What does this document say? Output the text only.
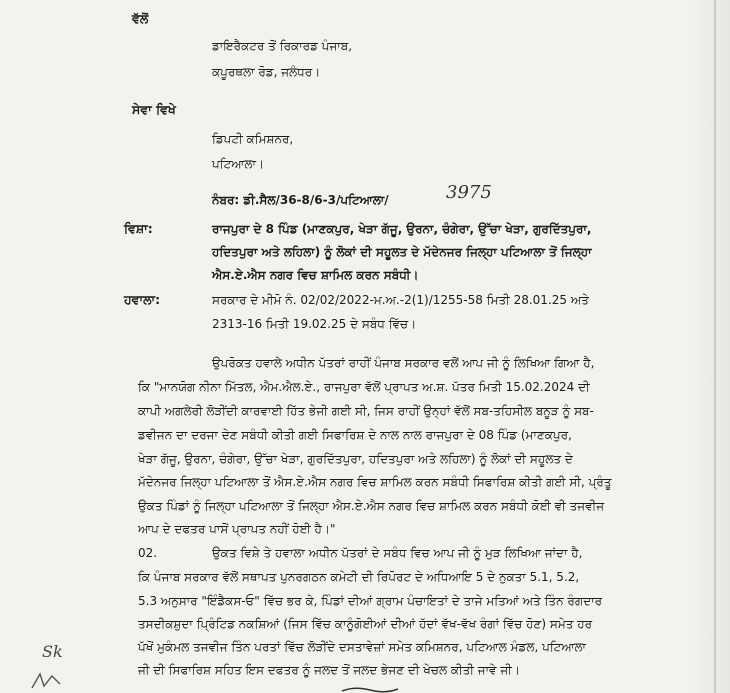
ਵੱਲੋਂ
ਡਾਇਰੈਕਟਰ ਤੋਂ ਰਿਕਾਰਡ ਪੰਜਾਬ,
ਕਪੂਰਥਲਾ ਰੋਡ, ਜਲੰਧਰ।
ਸੇਵਾ ਵਿਖੇ
ਡਿਪਟੀ ਕਮਿਸ਼ਨਰ,
ਪਟਿਆਲਾ।
ਨੰਬਰ: ਡੀ.ਸੈਲ/36-8/6-3/ਪਟਿਆਲਾ/	3975
ਵਿਸ਼ਾ:	ਰਾਜਪੁਰਾ ਦੇ 8 ਪਿੰਡ (ਮਾਣਕਪੁਰ, ਖੇੜਾ ਗੱਜੂ, ਉਰਨਾ, ਚੰਗੇਰਾ, ਉੱਚਾ ਖੇੜਾ, ਗੁਰਦਿੱਤਪੁਰਾ,
ਹਦਿਤਪੁਰਾ ਅਤੇ ਲਹਿਲਾ) ਨੂੰ ਲੋਕਾਂ ਦੀ ਸਹੂਲਤ ਦੇ ਮੱਦੇਨਜਰ ਜਿਲ੍ਹਾ ਪਟਿਆਲਾ ਤੋਂ ਜਿਲ੍ਹਾ
ਐਸ.ਏ.ਐਸ ਨਗਰ ਵਿਚ ਸ਼ਾਮਿਲ ਕਰਨ ਸਬੰਧੀ।
ਹਵਾਲਾ:	ਸਰਕਾਰ ਦੇ ਮੀਮੋ ਨੰ. 02/02/2022-ਮ.ਅ.-2(1)/1255-58 ਮਿਤੀ 28.01.25 ਅਤੇ
2313-16 ਮਿਤੀ 19.02.25 ਦੇ ਸਬੰਧ ਵਿੱਚ।
ਉਪਰੋਕਤ ਹਵਾਲੇ ਅਧੀਨ ਪੱਤਰਾਂ ਰਾਹੀਂ ਪੰਜਾਬ ਸਰਕਾਰ ਵਲੋਂ ਆਪ ਜੀ ਨੂੰ ਲਿਖਿਆ ਗਿਆ ਹੈ,
ਕਿ "ਮਾਨਯੋਗ ਨੀਨਾ ਮਿੱਤਲ, ਐਮ.ਐਲ.ਏ., ਰਾਜਪੁਰਾ ਵੱਲੋਂ ਪ੍ਰਾਪਤ ਅ.ਸ਼. ਪੱਤਰ ਮਿਤੀ 15.02.2024 ਦੀ
ਕਾਪੀ ਅਗਲੇਰੀ ਲੋੜੀਂਦੀ ਕਾਰਵਾਈ ਹਿੱਤ ਭੇਜੀ ਗਈ ਸੀ, ਜਿਸ ਰਾਹੀਂ ਉਨ੍ਹਾਂ ਵੱਲੋਂ ਸਬ-ਤਹਿਸੀਲ ਬਨੂੜ ਨੂੰ ਸਬ-
ਡਵੀਜਨ ਦਾ ਦਰਜਾ ਦੇਣ ਸਬੰਧੀ ਕੀਤੀ ਗਈ ਸਿਫਾਰਿਸ਼ ਦੇ ਨਾਲ ਨਾਲ ਰਾਜਪੁਰਾ ਦੇ 08 ਪਿੰਡ (ਮਾਣਕਪੁਰ,
ਖੇੜਾ ਗੱਜੂ, ਉਰਨਾ, ਚੰਗੇਰਾ, ਉੱਚਾ ਖੇੜਾ, ਗੁਰਦਿੱਤਪੁਰਾ, ਹਦਿਤਪੁਰਾ ਅਤੇ ਲਹਿਲਾ) ਨੂੰ ਲੋਕਾਂ ਦੀ ਸਹੂਲਤ ਦੇ
ਮੱਦੇਨਜਰ ਜਿਲ੍ਹਾ ਪਟਿਆਲਾ ਤੋਂ ਐਸ.ਏ.ਐਸ ਨਗਰ ਵਿਚ ਸ਼ਾਮਿਲ ਕਰਨ ਸਬੰਧੀ ਸਿਫਾਰਿਸ਼ ਕੀਤੀ ਗਈ ਸੀ, ਪ੍ਰੰਤੂ
ਉਕਤ ਪਿੰਡਾਂ ਨੂੰ ਜਿਲ੍ਹਾ ਪਟਿਆਲਾ ਤੋਂ ਜਿਲ੍ਹਾ ਐਸ.ਏ.ਐਸ ਨਗਰ ਵਿਚ ਸ਼ਾਮਿਲ ਕਰਨ ਸਬੰਧੀ ਕੋਈ ਵੀ ਤਜਵੀਜ
ਆਪ ਦੇ ਦਫਤਰ ਪਾਸੋਂ ਪ੍ਰਾਪਤ ਨਹੀਂ ਹੋਈ ਹੈ।"
02.	ਉਕਤ ਵਿਸ਼ੇ ਤੇ ਹਵਾਲਾ ਅਧੀਨ ਪੱਤਰਾਂ ਦੇ ਸਬੰਧ ਵਿਚ ਆਪ ਜੀ ਨੂੰ ਮੁੜ ਲਿਖਿਆ ਜਾਂਦਾ ਹੈ,
ਕਿ ਪੰਜਾਬ ਸਰਕਾਰ ਵੱਲੋਂ ਸਥਾਪਤ ਪੁਨਰਗਠਨ ਕਮੇਟੀ ਦੀ ਰਿਪੋਰਟ ਦੇ ਅਧਿਆਇ 5 ਦੇ ਨੁਕਤਾ 5.1, 5.2,
5.3 ਅਨੁਸਾਰ "ਇੰਡੈਕਸ-ਓ" ਵਿੱਚ ਭਰ ਕੇ, ਪਿੰਡਾਂ ਦੀਆਂ ਗ੍ਰਾਮ ਪੰਚਾਇਤਾਂ ਦੇ ਤਾਜੇ ਮਤਿਆਂ ਅਤੇ ਤਿੰਨ ਰੰਗਦਾਰ
ਤਸਦੀਕਸ਼ੁਦਾ ਪ੍ਰਿੰਟਿਡ ਨਕਸ਼ਿਆਂ (ਜਿਸ ਵਿੱਚ ਕਾਨੂੰਗੋਈਆਂ ਦੀਆਂ ਹੱਦਾਂ ਵੱਖ-ਵੱਖ ਰੰਗਾਂ ਵਿੱਚ ਹੋਣ) ਸਮੇਤ ਹਰ
ਪੱਖੋਂ ਮੁਕੰਮਲ ਤਜਵੀਜ ਤਿੰਨ ਪਰਤਾਂ ਵਿੱਚ ਲੋੜੀਂਦੇ ਦਸਤਾਵੇਜ਼ਾਂ ਸਮੇਤ ਕਮਿਸ਼ਨਰ, ਪਟਿਆਲ ਮੰਡਲ, ਪਟਿਆਲਾ
ਜੀ ਦੀ ਸਿਫਾਰਿਸ਼ ਸਹਿਤ ਇਸ ਦਫਤਰ ਨੂੰ ਜਲਦ ਤੋਂ ਜਲਦ ਭੇਜਣ ਦੀ ਖੇਚਲ ਕੀਤੀ ਜਾਵੇ ਜੀ।
Sk
